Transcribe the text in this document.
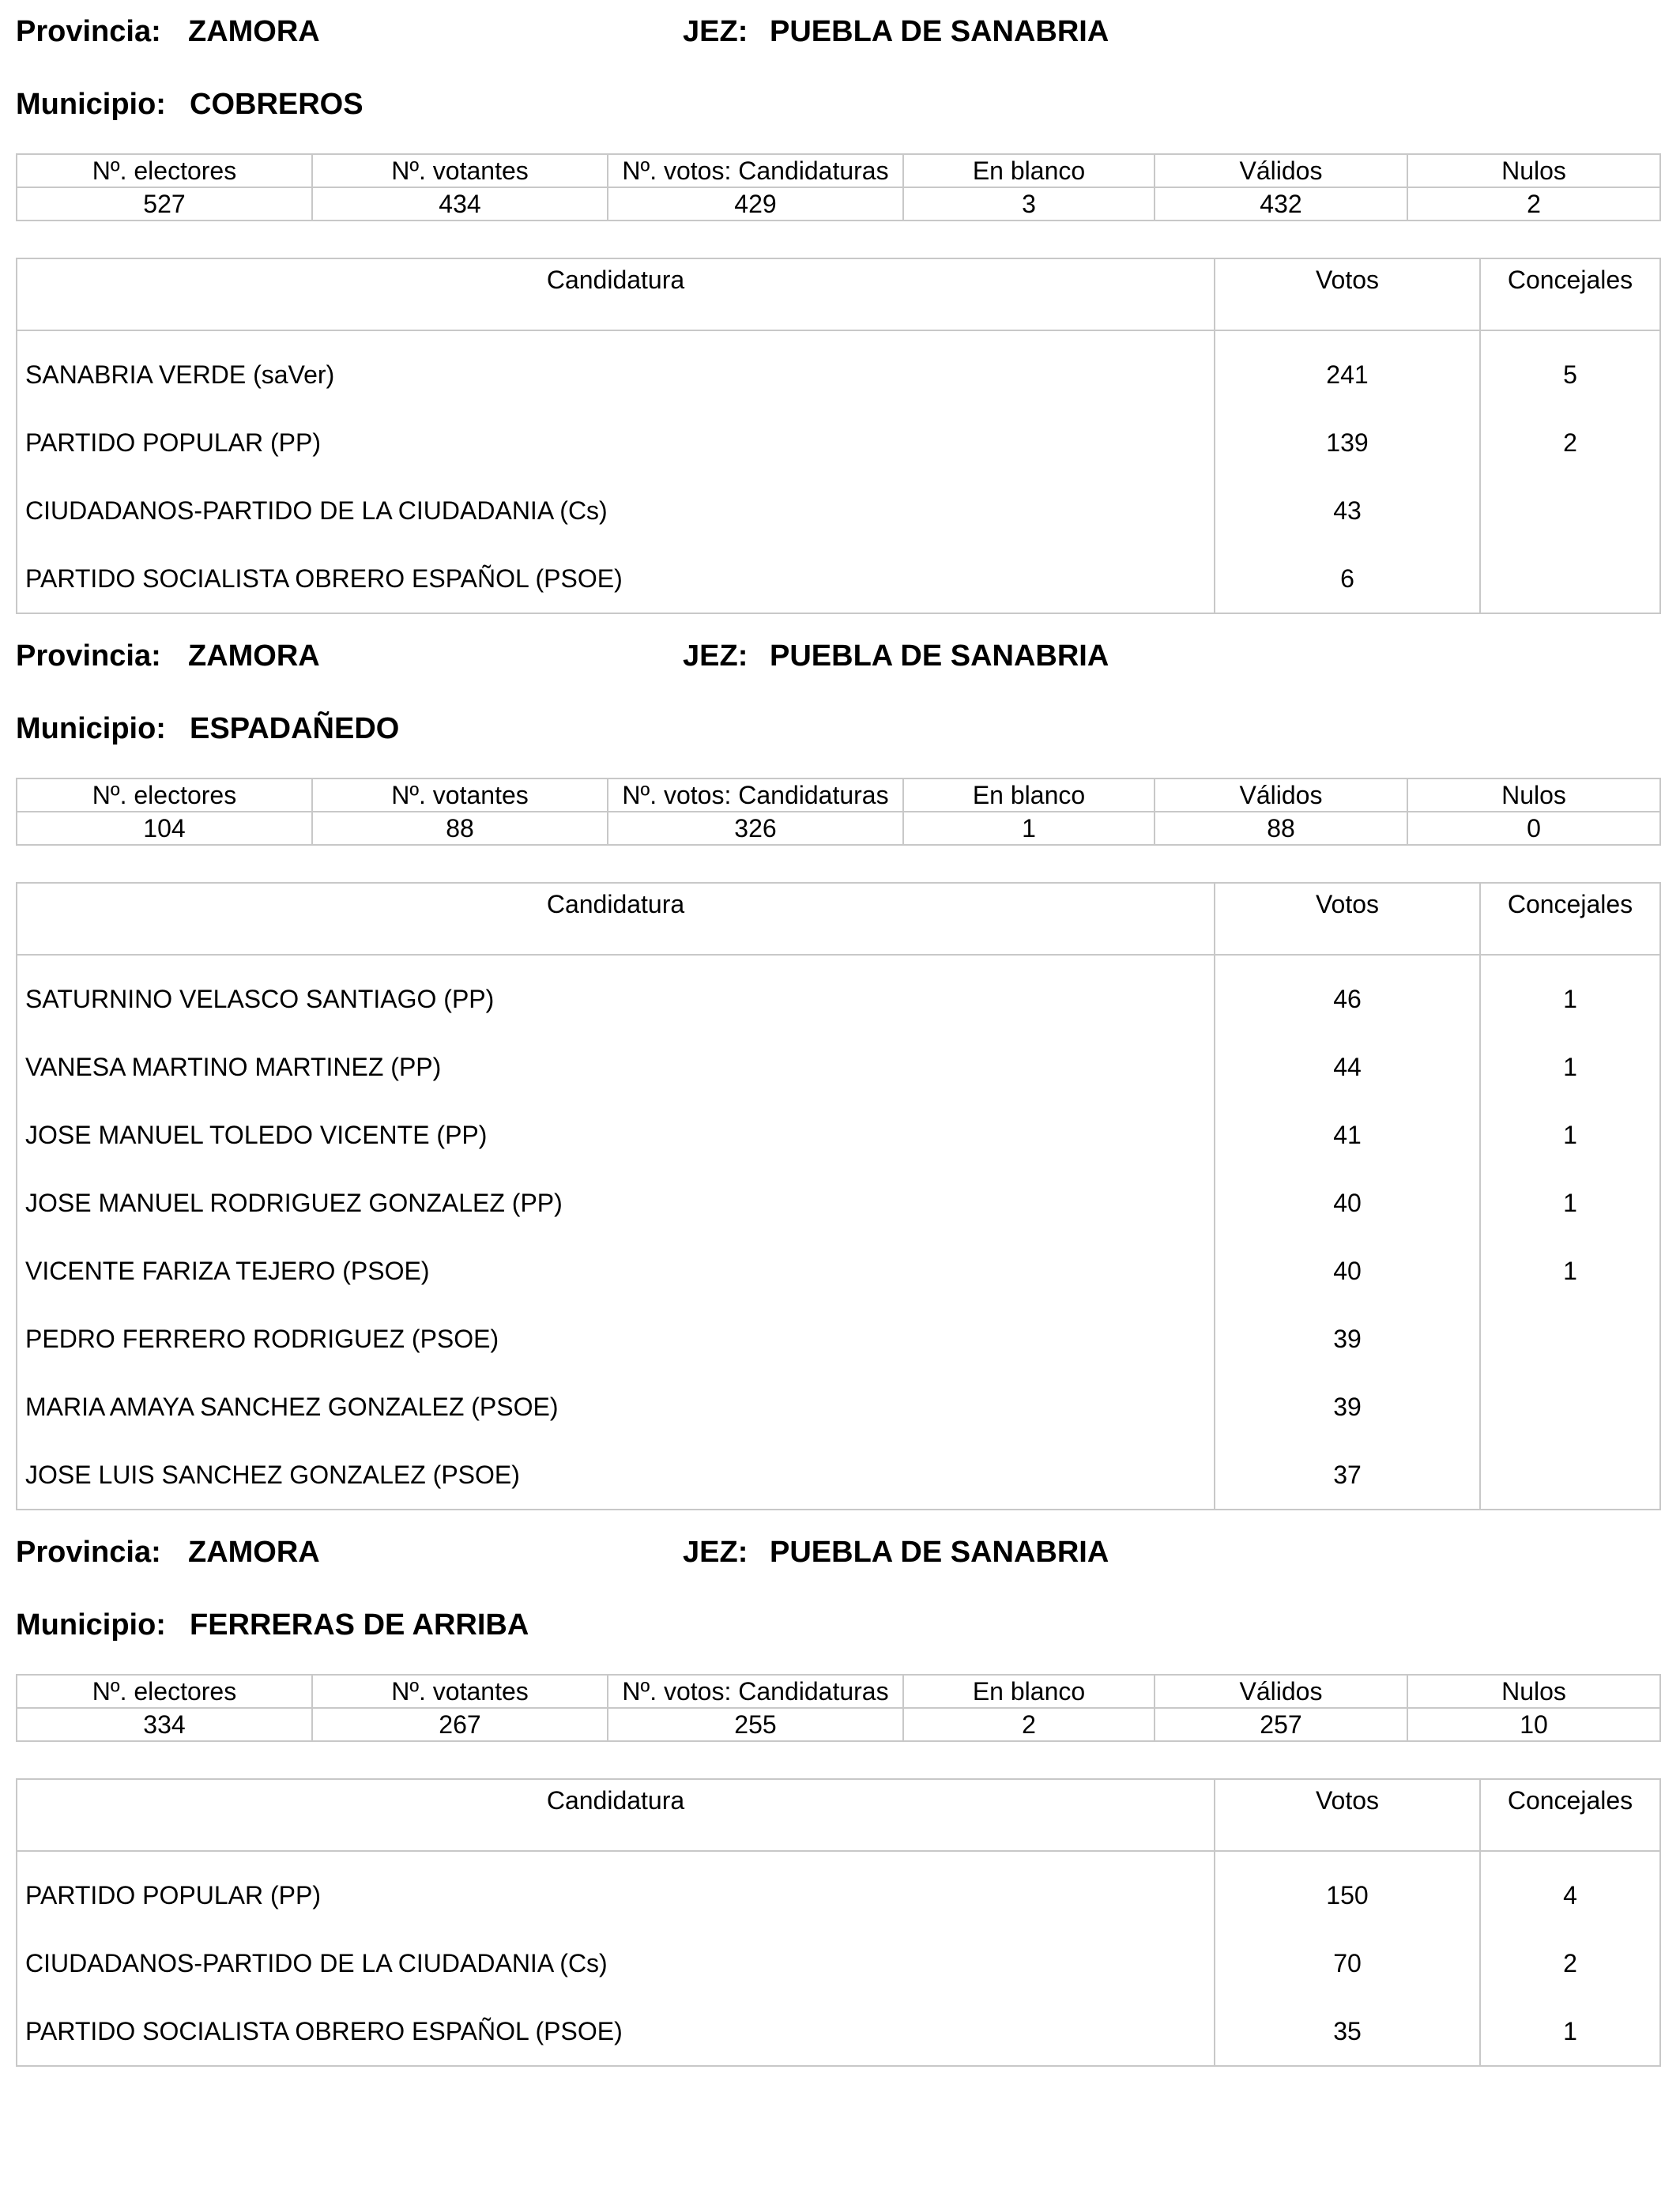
Provincia: ZAMORA	JEZ: PUEBLA DE SANABRIA
Municipio: COBREROS
Nº. electores	Nº. votantes	Nº. votos: Candidaturas	En blanco	Válidos	Nulos
527	434	429	3	432	2
Candidatura	Votos	Concejales
SANABRIA VERDE (saVer)	241	5
PARTIDO POPULAR (PP)	139	2
CIUDADANOS-PARTIDO DE LA CIUDADANIA (Cs)	43	
PARTIDO SOCIALISTA OBRERO ESPAÑOL (PSOE)	6	
Provincia: ZAMORA	JEZ: PUEBLA DE SANABRIA
Municipio: ESPADAÑEDO
Nº. electores	Nº. votantes	Nº. votos: Candidaturas	En blanco	Válidos	Nulos
104	88	326	1	88	0
Candidatura	Votos	Concejales
SATURNINO VELASCO SANTIAGO (PP)	46	1
VANESA MARTINO MARTINEZ (PP)	44	1
JOSE MANUEL TOLEDO VICENTE (PP)	41	1
JOSE MANUEL RODRIGUEZ GONZALEZ (PP)	40	1
VICENTE FARIZA TEJERO (PSOE)	40	1
PEDRO FERRERO RODRIGUEZ (PSOE)	39	
MARIA AMAYA SANCHEZ GONZALEZ (PSOE)	39	
JOSE LUIS SANCHEZ GONZALEZ (PSOE)	37	
Provincia: ZAMORA	JEZ: PUEBLA DE SANABRIA
Municipio: FERRERAS DE ARRIBA
Nº. electores	Nº. votantes	Nº. votos: Candidaturas	En blanco	Válidos	Nulos
334	267	255	2	257	10
Candidatura	Votos	Concejales
PARTIDO POPULAR (PP)	150	4
CIUDADANOS-PARTIDO DE LA CIUDADANIA (Cs)	70	2
PARTIDO SOCIALISTA OBRERO ESPAÑOL (PSOE)	35	1
